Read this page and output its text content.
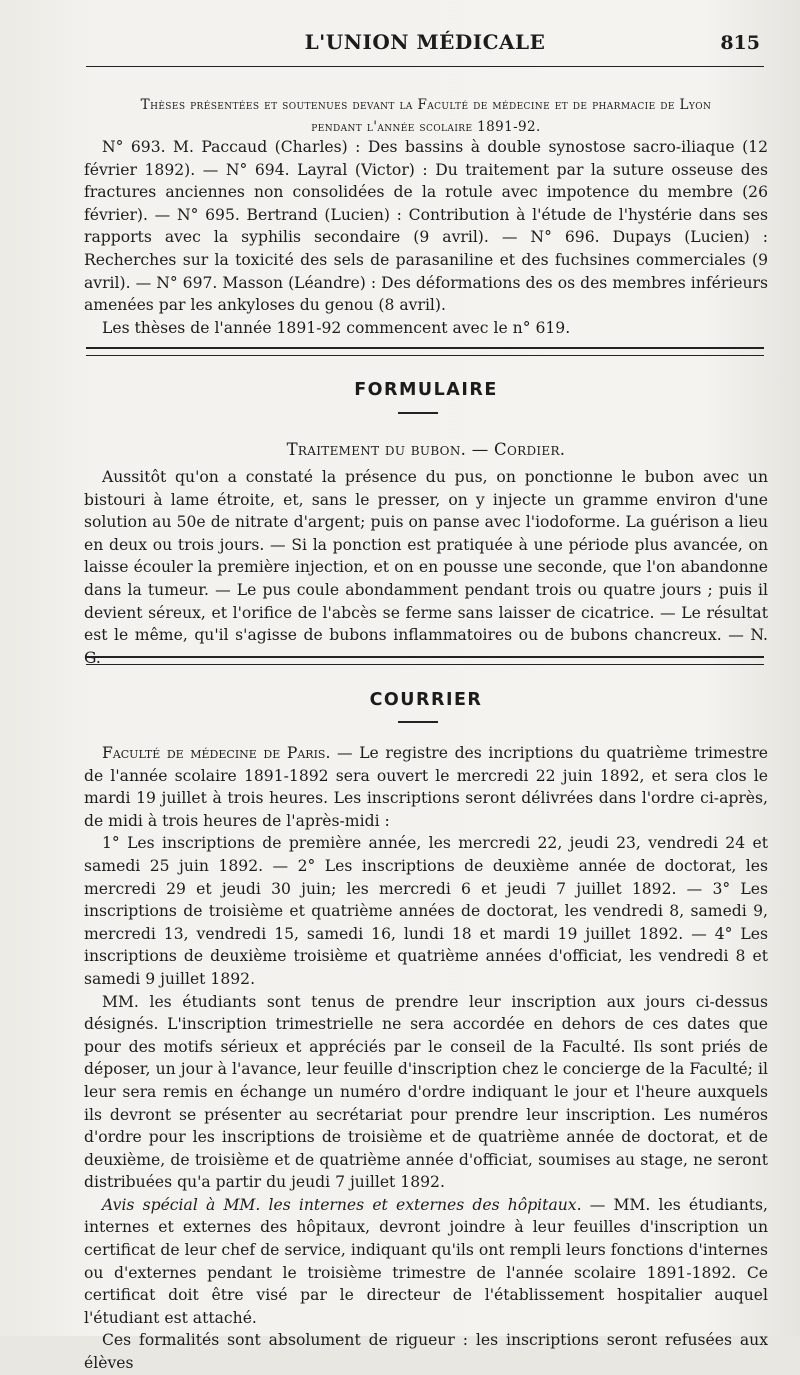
L'UNION MÉDICALE	815
Thèses présentées et soutenues devant la Faculté de médecine et de pharmacie de Lyon
pendant l'année scolaire 1891-92.

N° 693. M. Paccaud (Charles) : Des bassins à double synostose sacro-iliaque (12 février 1892). — N° 694. Layral (Victor) : Du traitement par la suture osseuse des fractures anciennes non consolidées de la rotule avec impotence du membre (26 février). — N° 695. Bertrand (Lucien) : Contribution à l'étude de l'hystérie dans ses rapports avec la syphilis secondaire (9 avril). — N° 696. Dupays (Lucien) : Recherches sur la toxicité des sels de parasaniline et des fuchsines commerciales (9 avril). — N° 697. Masson (Léandre) : Des déformations des os des membres inférieurs amenées par les ankyloses du genou (8 avril).

Les thèses de l'année 1891-92 commencent avec le n° 619.

FORMULAIRE
Traitement du bubon. — Cordier.

Aussitôt qu'on a constaté la présence du pus, on ponctionne le bubon avec un bistouri à lame étroite, et, sans le presser, on y injecte un gramme environ d'une solution au 50e de nitrate d'argent; puis on panse avec l'iodoforme. La guérison a lieu en deux ou trois jours. — Si la ponction est pratiquée à une période plus avancée, on laisse écouler la première injection, et on en pousse une seconde, que l'on abandonne dans la tumeur. — Le pus coule abondamment pendant trois ou quatre jours ; puis il devient séreux, et l'orifice de l'abcès se ferme sans laisser de cicatrice. — Le résultat est le même, qu'il s'agisse de bubons inflammatoires ou de bubons chancreux. — N. G.

COURRIER

Faculté de médecine de Paris. — Le registre des incriptions du quatrième trimestre de l'année scolaire 1891-1892 sera ouvert le mercredi 22 juin 1892, et sera clos le mardi 19 juillet à trois heures. Les inscriptions seront délivrées dans l'ordre ci-après, de midi à trois heures de l'après-midi :

1° Les inscriptions de première année, les mercredi 22, jeudi 23, vendredi 24 et samedi 25 juin 1892. — 2° Les inscriptions de deuxième année de doctorat, les mercredi 29 et jeudi 30 juin; les mercredi 6 et jeudi 7 juillet 1892. — 3° Les inscriptions de troisième et quatrième années de doctorat, les vendredi 8, samedi 9, mercredi 13, vendredi 15, samedi 16, lundi 18 et mardi 19 juillet 1892. — 4° Les inscriptions de deuxième troisième et quatrième années d'officiat, les vendredi 8 et samedi 9 juillet 1892.

MM. les étudiants sont tenus de prendre leur inscription aux jours ci-dessus désignés. L'inscription trimestrielle ne sera accordée en dehors de ces dates que pour des motifs sérieux et appréciés par le conseil de la Faculté. Ils sont priés de déposer, un jour à l'avance, leur feuille d'inscription chez le concierge de la Faculté; il leur sera remis en échange un numéro d'ordre indiquant le jour et l'heure auxquels ils devront se présenter au secrétariat pour prendre leur inscription. Les numéros d'ordre pour les inscriptions de troisième et de quatrième année de doctorat, et de deuxième, de troisième et de quatrième année d'officiat, soumises au stage, ne seront distribuées qu'a partir du jeudi 7 juillet 1892.

Avis spécial à MM. les internes et externes des hôpitaux. — MM. les étudiants, internes et externes des hôpitaux, devront joindre à leur feuilles d'inscription un certificat de leur chef de service, indiquant qu'ils ont rempli leurs fonctions d'internes ou d'externes pendant le troisième trimestre de l'année scolaire 1891-1892. Ce certificat doit être visé par le directeur de l'établissement hospitalier auquel l'étudiant est attaché.

Ces formalités sont absolument de rigueur : les inscriptions seront refusées aux élèves
